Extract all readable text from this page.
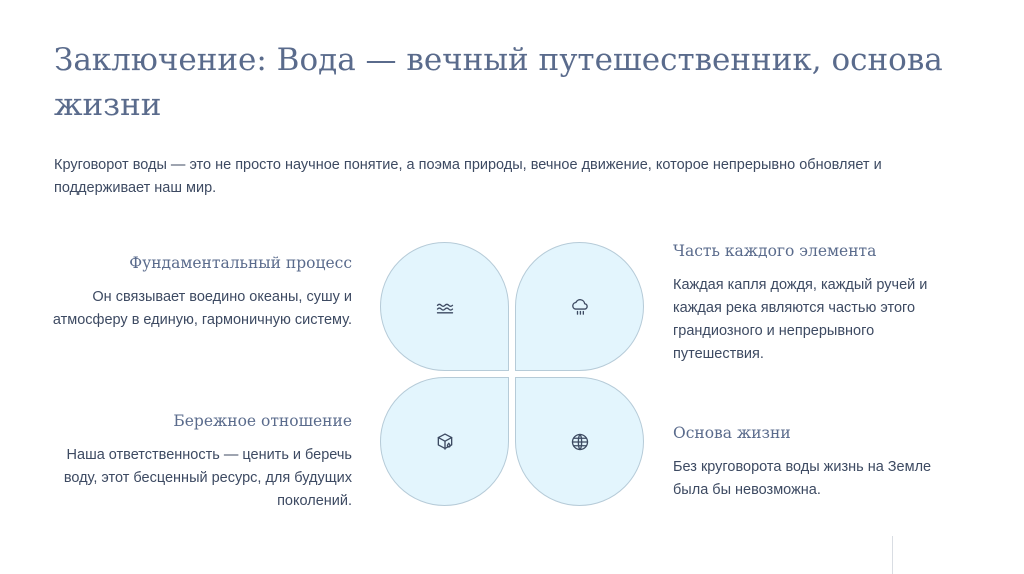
Заключение: Вода — вечный путешественник, основа жизни

Круговорот воды — это не просто научное понятие, а поэма природы, вечное движение, которое непрерывно обновляет и поддерживает наш мир.

Фундаментальный процесс

Он связывает воедино океаны, сушу и атмосферу в единую, гармоничную систему.

Часть каждого элемента

Каждая капля дождя, каждый ручей и каждая река являются частью этого грандиозного и непрерывного путешествия.

Бережное отношение

Наша ответственность — ценить и беречь воду, этот бесценный ресурс, для будущих поколений.

Основа жизни

Без круговорота воды жизнь на Земле была бы невозможна.
